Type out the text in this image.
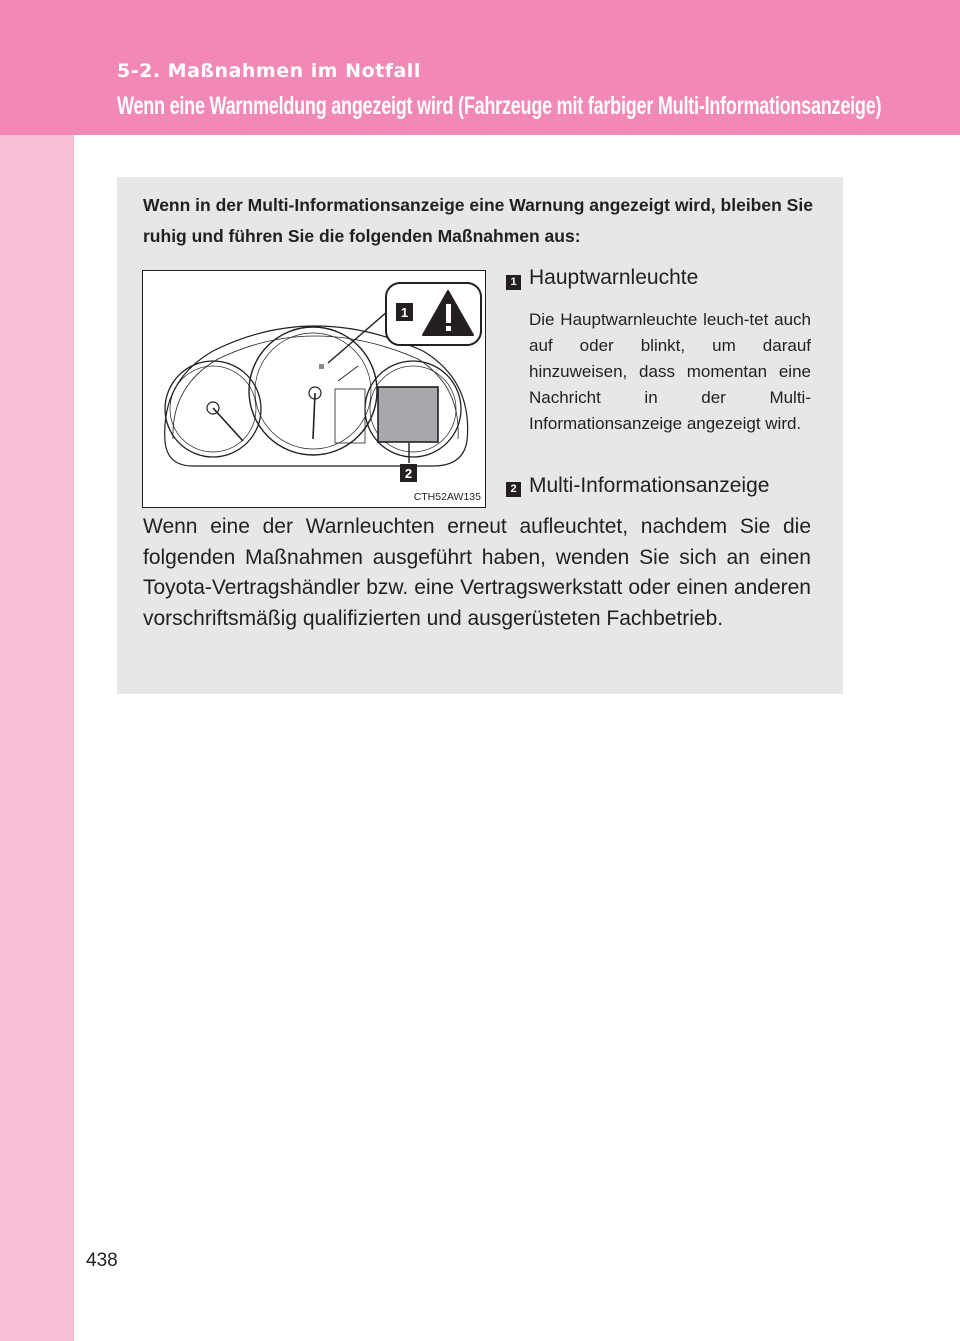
5-2. Maßnahmen im Notfall
Wenn eine Warnmeldung angezeigt wird (Fahrzeuge mit farbiger Multi-Informationsanzeige)
Wenn in der Multi-Informationsanzeige eine Warnung angezeigt wird, bleiben Sie ruhig und führen Sie die folgenden Maßnahmen aus:
1
2
CTH52AW135
1 Hauptwarnleuchte
Die Hauptwarnleuchte leuch-tet auch auf oder blinkt, um darauf hinzuweisen, dass momentan eine Nachricht in der Multi-Informationsanzeige angezeigt wird.
2 Multi-Informationsanzeige
Wenn eine der Warnleuchten erneut aufleuchtet, nachdem Sie die folgenden Maßnahmen ausgeführt haben, wenden Sie sich an einen Toyota-Vertragshändler bzw. eine Vertragswerkstatt oder einen anderen vorschriftsmäßig qualifizierten und ausgerüsteten Fachbetrieb.
438
carmanualsonline.info
